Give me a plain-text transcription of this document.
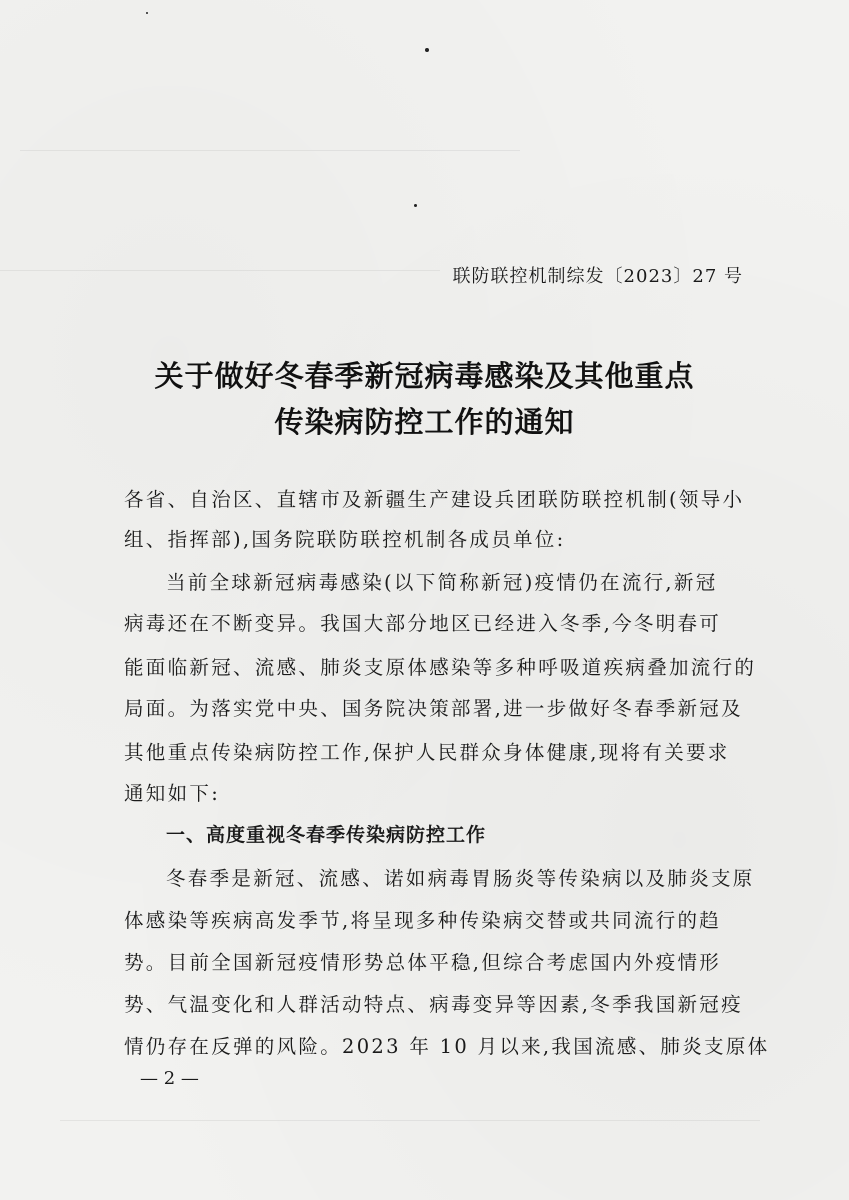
联防联控机制综发〔2023〕27 号
关于做好冬春季新冠病毒感染及其他重点
传染病防控工作的通知
各省、自治区、直辖市及新疆生产建设兵团联防联控机制(领导小
组、指挥部),国务院联防联控机制各成员单位:
当前全球新冠病毒感染(以下简称新冠)疫情仍在流行,新冠
病毒还在不断变异。我国大部分地区已经进入冬季,今冬明春可
能面临新冠、流感、肺炎支原体感染等多种呼吸道疾病叠加流行的
局面。为落实党中央、国务院决策部署,进一步做好冬春季新冠及
其他重点传染病防控工作,保护人民群众身体健康,现将有关要求
通知如下:
一、高度重视冬春季传染病防控工作
冬春季是新冠、流感、诺如病毒胃肠炎等传染病以及肺炎支原
体感染等疾病高发季节,将呈现多种传染病交替或共同流行的趋
势。目前全国新冠疫情形势总体平稳,但综合考虑国内外疫情形
势、气温变化和人群活动特点、病毒变异等因素,冬季我国新冠疫
情仍存在反弹的风险。2023 年 10 月以来,我国流感、肺炎支原体
— 2 —
